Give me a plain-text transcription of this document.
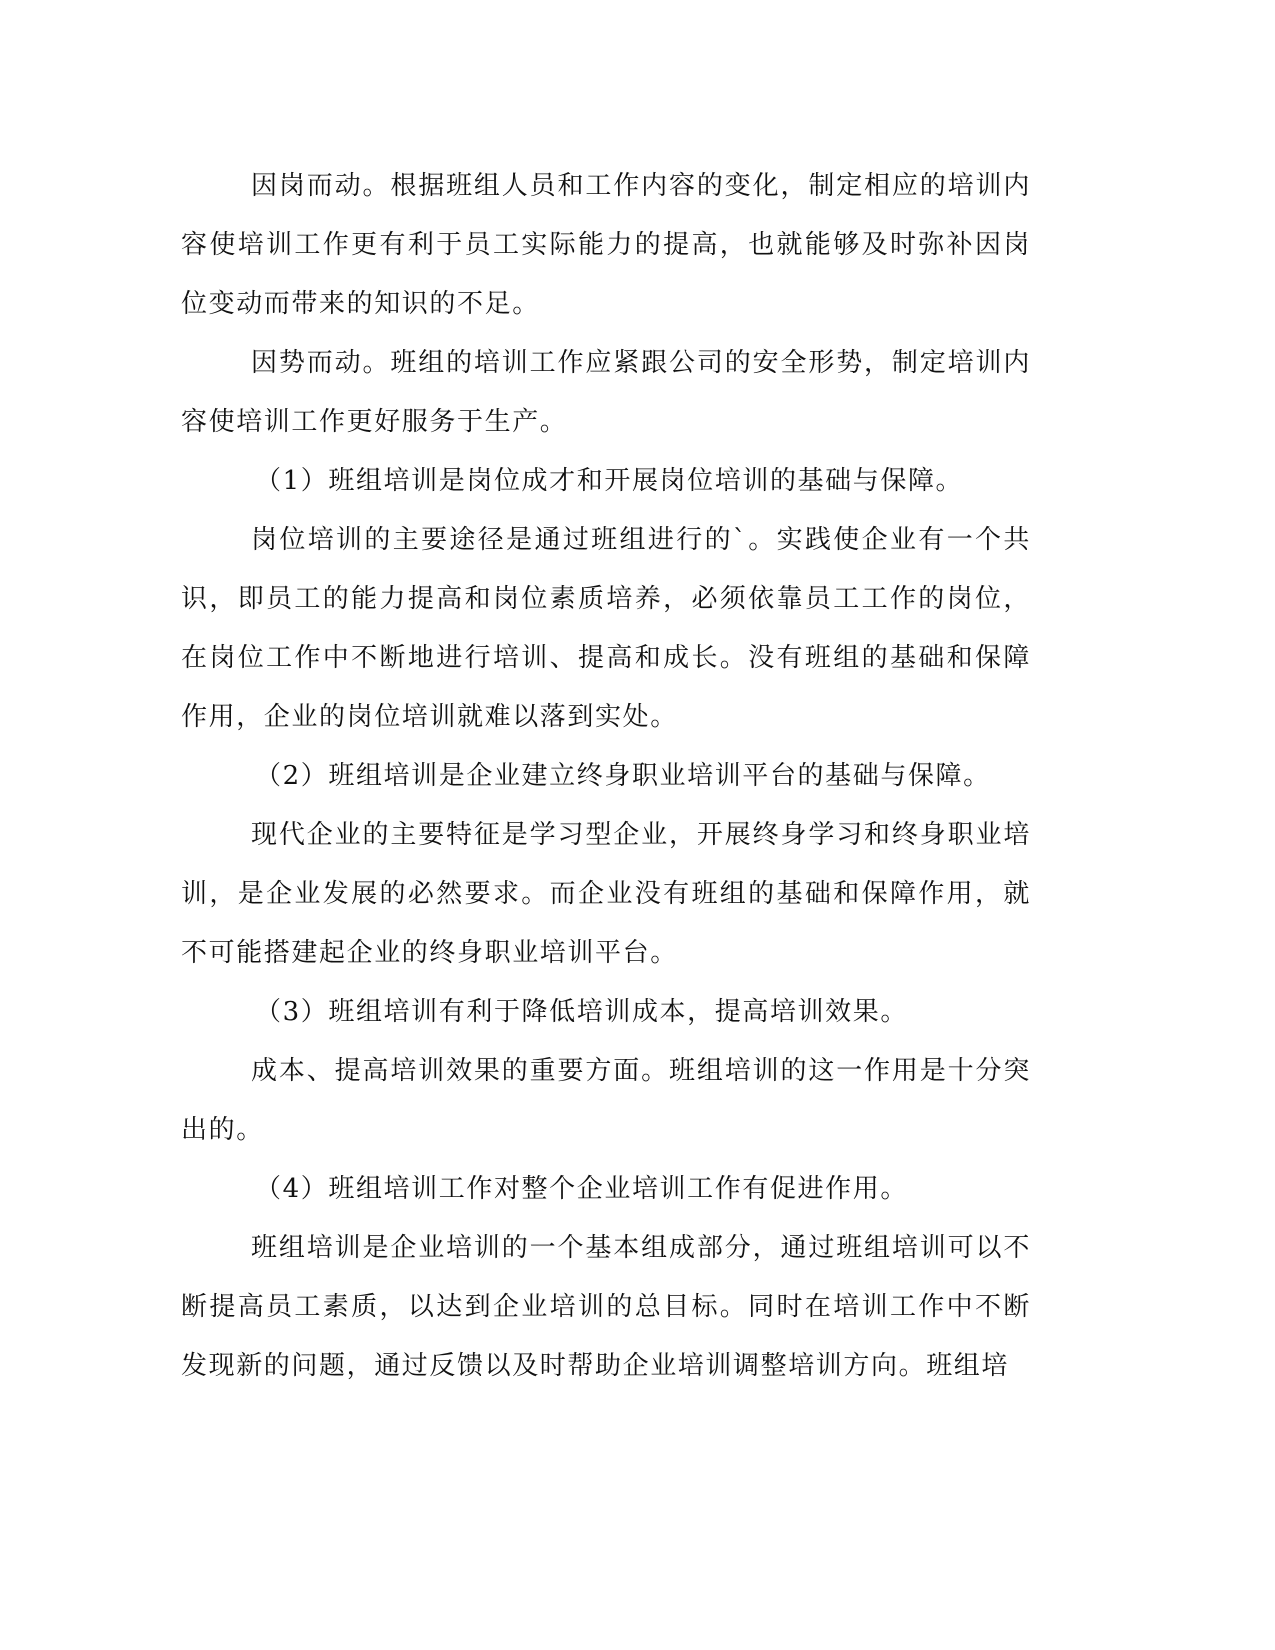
因岗而动。根据班组人员和工作内容的变化，制定相应的培训内容使培训工作更有利于员工实际能力的提高，也就能够及时弥补因岗位变动而带来的知识的不足。

因势而动。班组的培训工作应紧跟公司的安全形势，制定培训内容使培训工作更好服务于生产。

（1）班组培训是岗位成才和开展岗位培训的基础与保障。

岗位培训的主要途径是通过班组进行的`。实践使企业有一个共识，即员工的能力提高和岗位素质培养，必须依靠员工工作的岗位，在岗位工作中不断地进行培训、提高和成长。没有班组的基础和保障作用，企业的岗位培训就难以落到实处。

（2）班组培训是企业建立终身职业培训平台的基础与保障。

现代企业的主要特征是学习型企业，开展终身学习和终身职业培训，是企业发展的必然要求。而企业没有班组的基础和保障作用，就不可能搭建起企业的终身职业培训平台。

（3）班组培训有利于降低培训成本，提高培训效果。

成本、提高培训效果的重要方面。班组培训的这一作用是十分突出的。

（4）班组培训工作对整个企业培训工作有促进作用。

班组培训是企业培训的一个基本组成部分，通过班组培训可以不断提高员工素质，以达到企业培训的总目标。同时在培训工作中不断发现新的问题，通过反馈以及时帮助企业培训调整培训方向。班组培
